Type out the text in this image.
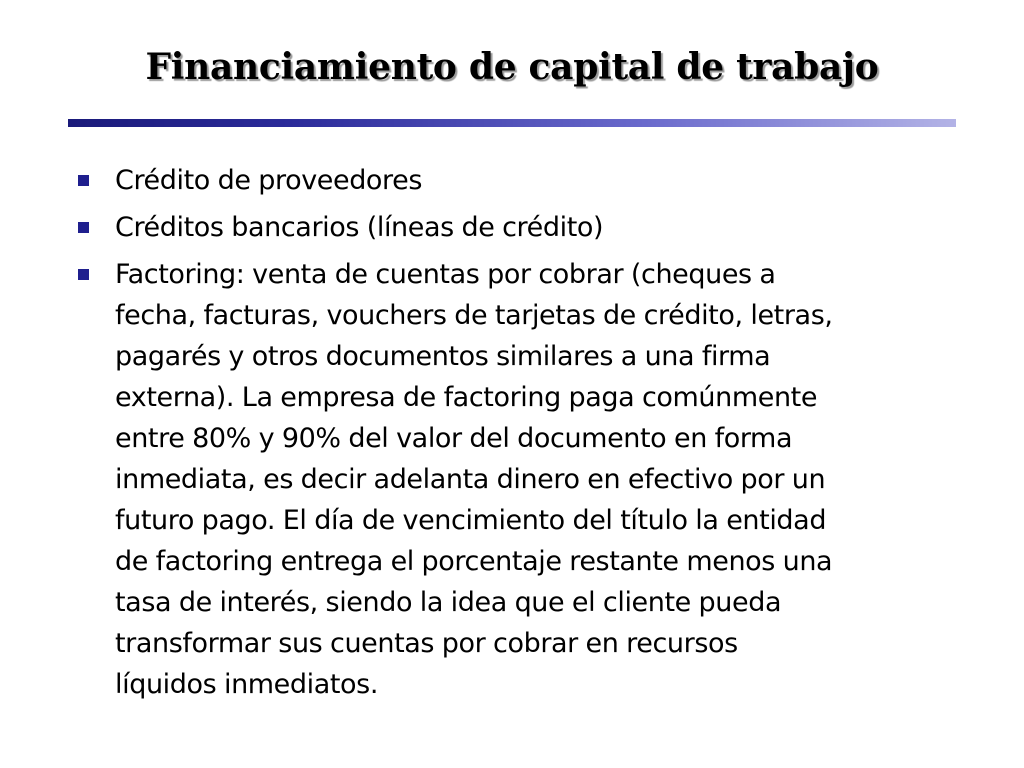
Financiamiento de capital de trabajo
Crédito de proveedores
Créditos bancarios (líneas de crédito)
Factoring: venta de cuentas por cobrar (cheques a
fecha, facturas, vouchers de tarjetas de crédito, letras,
pagarés y otros documentos similares a una firma
externa). La empresa de factoring paga comúnmente
entre 80% y 90% del valor del documento en forma
inmediata, es decir adelanta dinero en efectivo por un
futuro pago. El día de vencimiento del título la entidad
de factoring entrega el porcentaje restante menos una
tasa de interés, siendo la idea que el cliente pueda
transformar sus cuentas por cobrar en recursos
líquidos inmediatos.
